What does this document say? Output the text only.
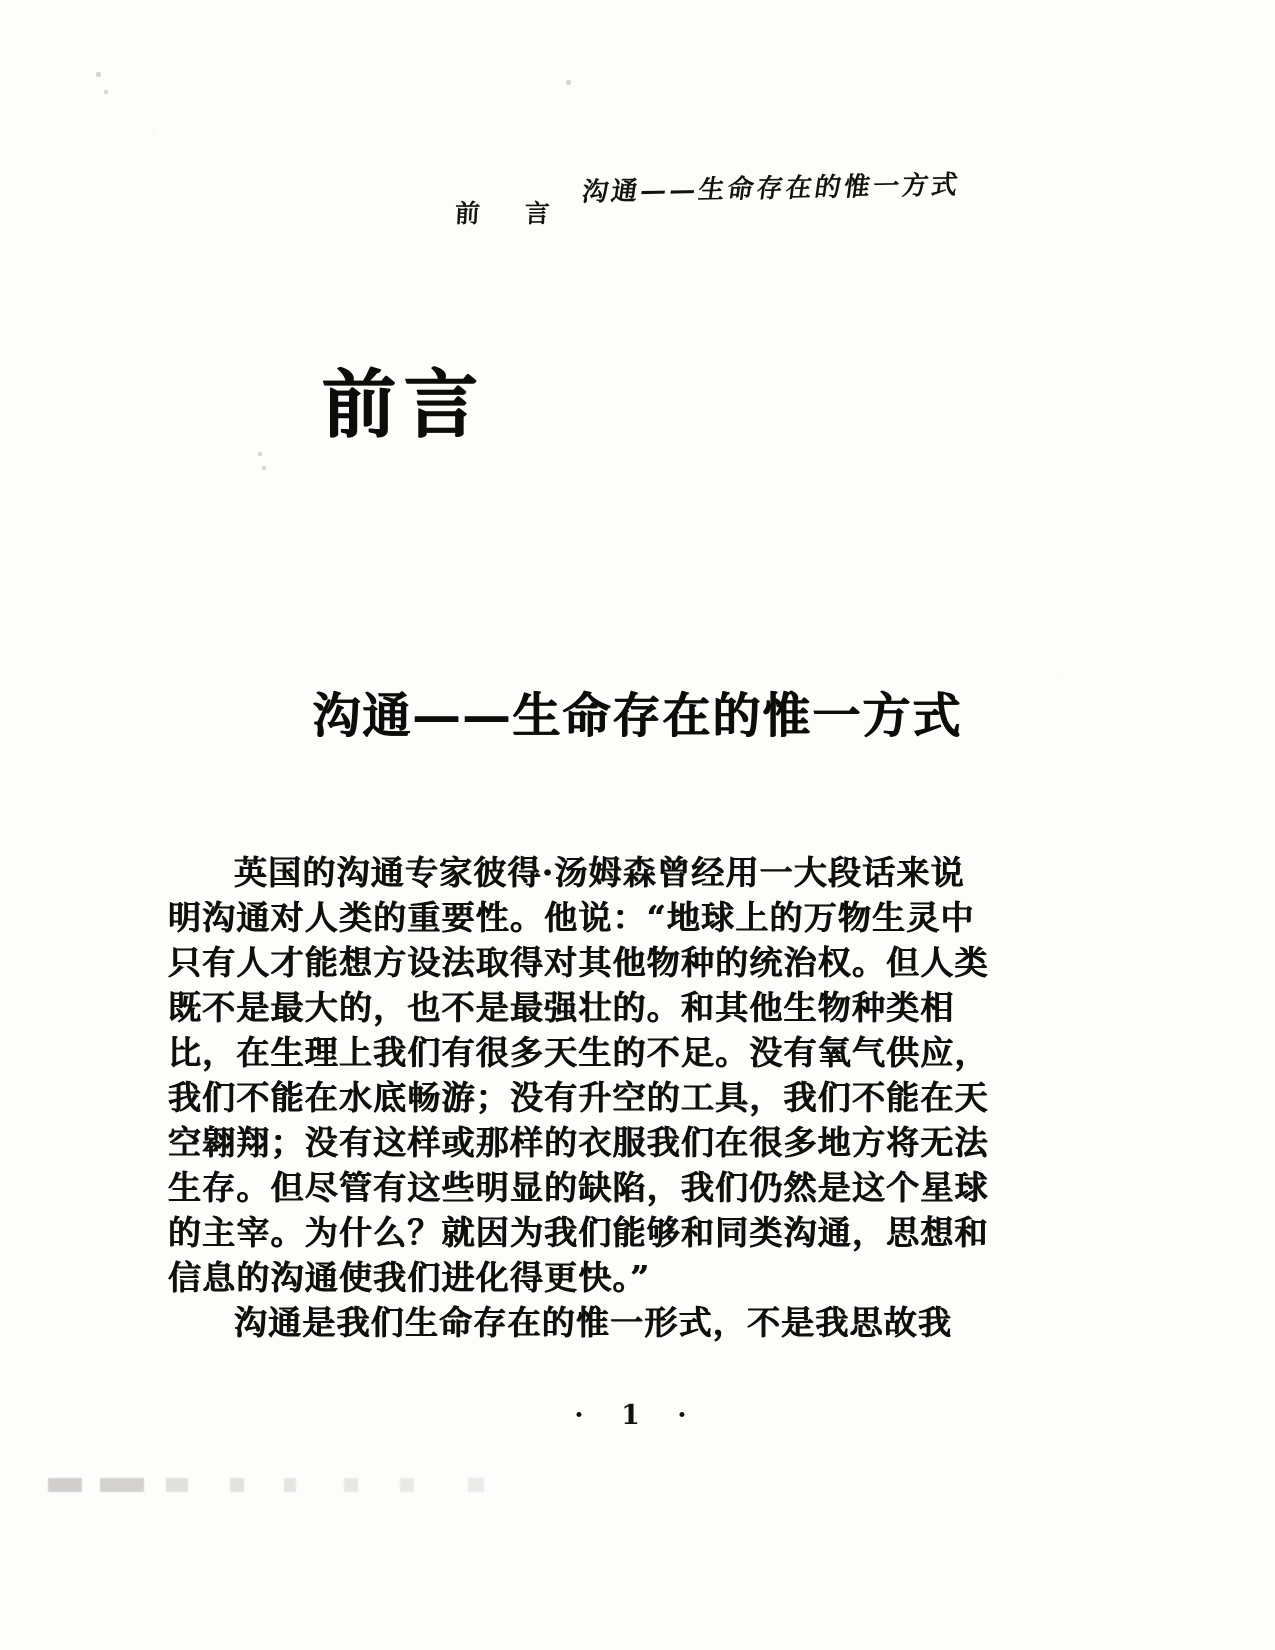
前 言
沟通——生命存在的惟一方式
前言
沟通——生命存在的惟一方式
英国的沟通专家彼得·汤姆森曾经用一大段话来说
明沟通对人类的重要性。他说：“地球上的万物生灵中
只有人才能想方设法取得对其他物种的统治权。但人类
既不是最大的，也不是最强壮的。和其他生物种类相
比，在生理上我们有很多天生的不足。没有氧气供应，
我们不能在水底畅游；没有升空的工具，我们不能在天
空翱翔；没有这样或那样的衣服我们在很多地方将无法
生存。但尽管有这些明显的缺陷，我们仍然是这个星球
的主宰。为什么？就因为我们能够和同类沟通，思想和
信息的沟通使我们进化得更快。”
沟通是我们生命存在的惟一形式，不是我思故我
· 1 ·
